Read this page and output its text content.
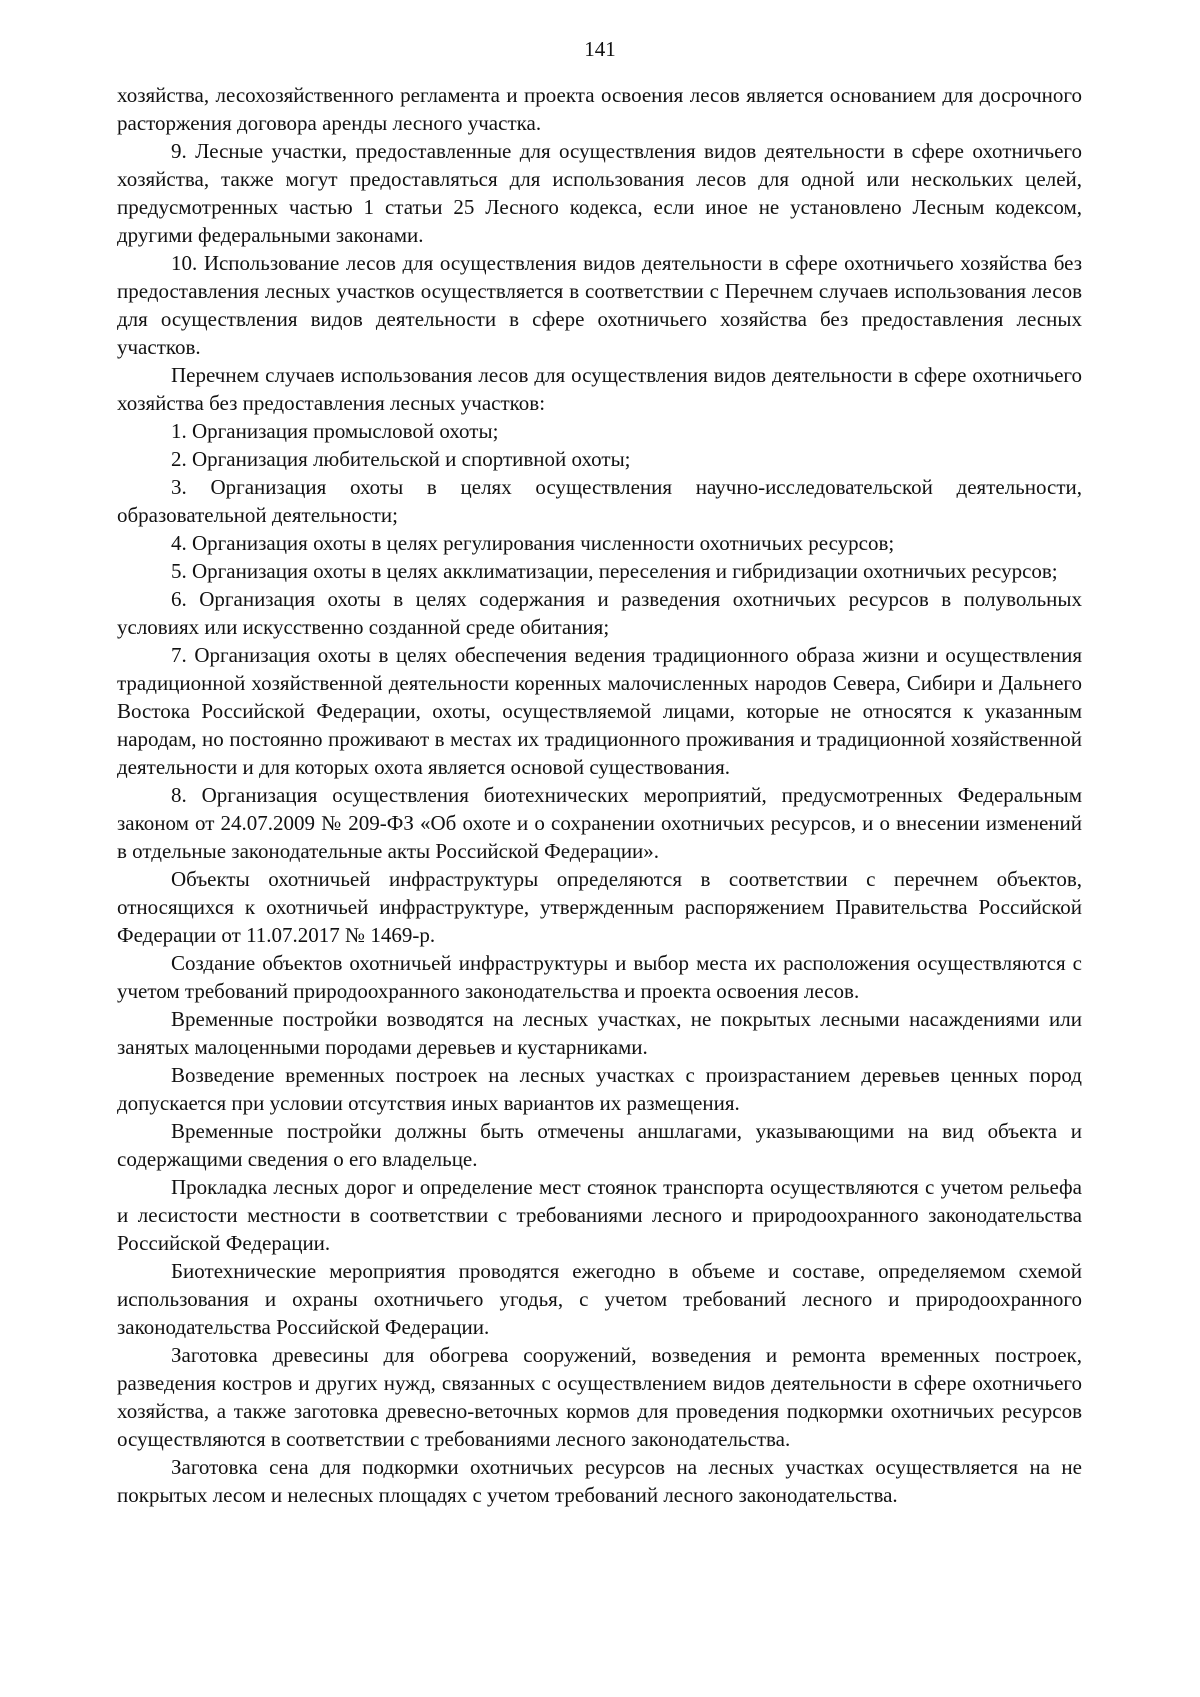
141

хозяйства, лесохозяйственного регламента и проекта освоения лесов является основанием для досрочного расторжения договора аренды лесного участка.

9. Лесные участки, предоставленные для осуществления видов деятельности в сфере охотничьего хозяйства, также могут предоставляться для использования лесов для одной или нескольких целей, предусмотренных частью 1 статьи 25 Лесного кодекса, если иное не установлено Лесным кодексом, другими федеральными законами.

10. Использование лесов для осуществления видов деятельности в сфере охотничьего хозяйства без предоставления лесных участков осуществляется в соответствии с Перечнем случаев использования лесов для осуществления видов деятельности в сфере охотничьего хозяйства без предоставления лесных участков.

Перечнем случаев использования лесов для осуществления видов деятельности в сфере охотничьего хозяйства без предоставления лесных участков:

1. Организация промысловой охоты;

2. Организация любительской и спортивной охоты;

3. Организация охоты в целях осуществления научно-исследовательской деятельности, образовательной деятельности;

4. Организация охоты в целях регулирования численности охотничьих ресурсов;

5. Организация охоты в целях акклиматизации, переселения и гибридизации охотничьих ресурсов;

6. Организация охоты в целях содержания и разведения охотничьих ресурсов в полувольных условиях или искусственно созданной среде обитания;

7. Организация охоты в целях обеспечения ведения традиционного образа жизни и осуществления традиционной хозяйственной деятельности коренных малочисленных народов Севера, Сибири и Дальнего Востока Российской Федерации, охоты, осуществляемой лицами, которые не относятся к указанным народам, но постоянно проживают в местах их традиционного проживания и традиционной хозяйственной деятельности и для которых охота является основой существования.

8. Организация осуществления биотехнических мероприятий, предусмотренных Федеральным законом от 24.07.2009 № 209-ФЗ «Об охоте и о сохранении охотничьих ресурсов, и о внесении изменений в отдельные законодательные акты Российской Федерации».

Объекты охотничьей инфраструктуры определяются в соответствии с перечнем объектов, относящихся к охотничьей инфраструктуре, утвержденным распоряжением Правительства Российской Федерации от 11.07.2017 № 1469-р.

Создание объектов охотничьей инфраструктуры и выбор места их расположения осуществляются с учетом требований природоохранного законодательства и проекта освоения лесов.

Временные постройки возводятся на лесных участках, не покрытых лесными насаждениями или занятых малоценными породами деревьев и кустарниками.

Возведение временных построек на лесных участках с произрастанием деревьев ценных пород допускается при условии отсутствия иных вариантов их размещения.

Временные постройки должны быть отмечены аншлагами, указывающими на вид объекта и содержащими сведения о его владельце.

Прокладка лесных дорог и определение мест стоянок транспорта осуществляются с учетом рельефа и лесистости местности в соответствии с требованиями лесного и природоохранного законодательства Российской Федерации.

Биотехнические мероприятия проводятся ежегодно в объеме и составе, определяемом схемой использования и охраны охотничьего угодья, с учетом требований лесного и природоохранного законодательства Российской Федерации.

Заготовка древесины для обогрева сооружений, возведения и ремонта временных построек, разведения костров и других нужд, связанных с осуществлением видов деятельности в сфере охотничьего хозяйства, а также заготовка древесно-веточных кормов для проведения подкормки охотничьих ресурсов осуществляются в соответствии с требованиями лесного законодательства.

Заготовка сена для подкормки охотничьих ресурсов на лесных участках осуществляется на не покрытых лесом и нелесных площадях с учетом требований лесного законодательства.
